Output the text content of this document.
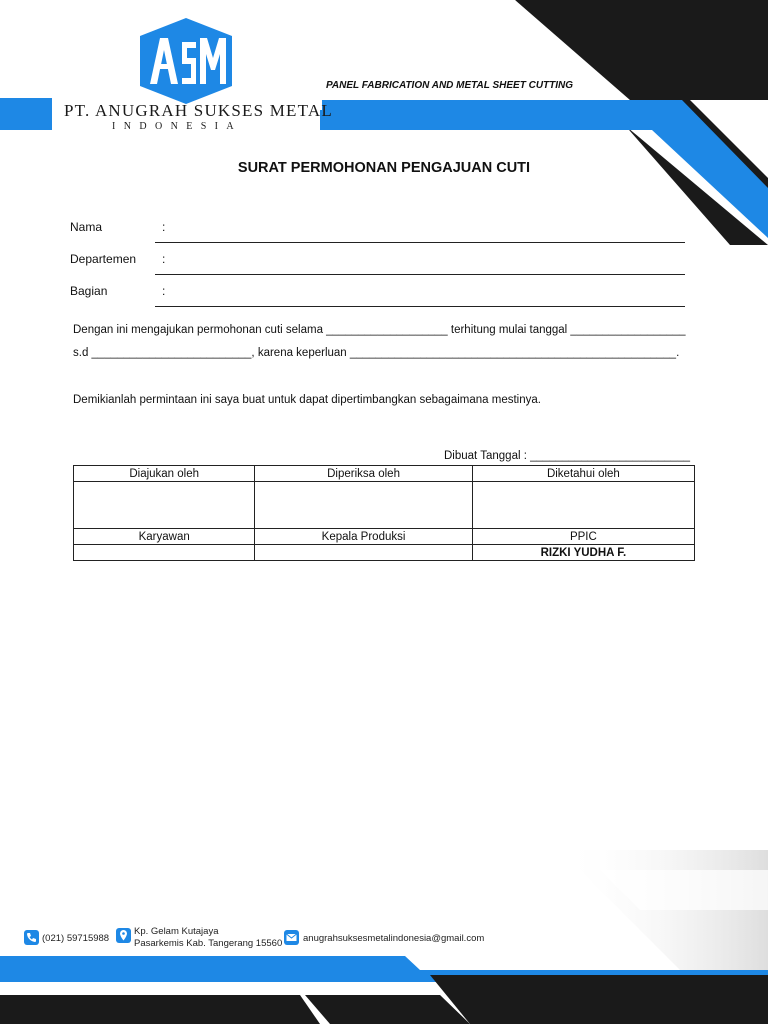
PT. ANUGRAH SUKSES METAL
INDONESIA
PANEL FABRICATION AND METAL SHEET CUTTING
SURAT PERMOHONAN PENGAJUAN CUTI
Nama	:
Departemen :
Bagian	:
Dengan ini mengajukan permohonan cuti selama ___________________ terhitung mulai tanggal __________________
s.d _________________________, karena keperluan ___________________________________________________.
Demikianlah permintaan ini saya buat untuk dapat dipertimbangkan sebagaimana mestinya.
Dibuat Tanggal : _________________________
Diajukan oleh	Diperiksa oleh	Diketahui oleh

Karyawan	Kepala Produksi	PPIC
		RIZKI YUDHA F.
(021) 59715988
Kp. Gelam Kutajaya
Pasarkemis Kab. Tangerang 15560 anugrahsuksesmetalindonesia@gmail.com
